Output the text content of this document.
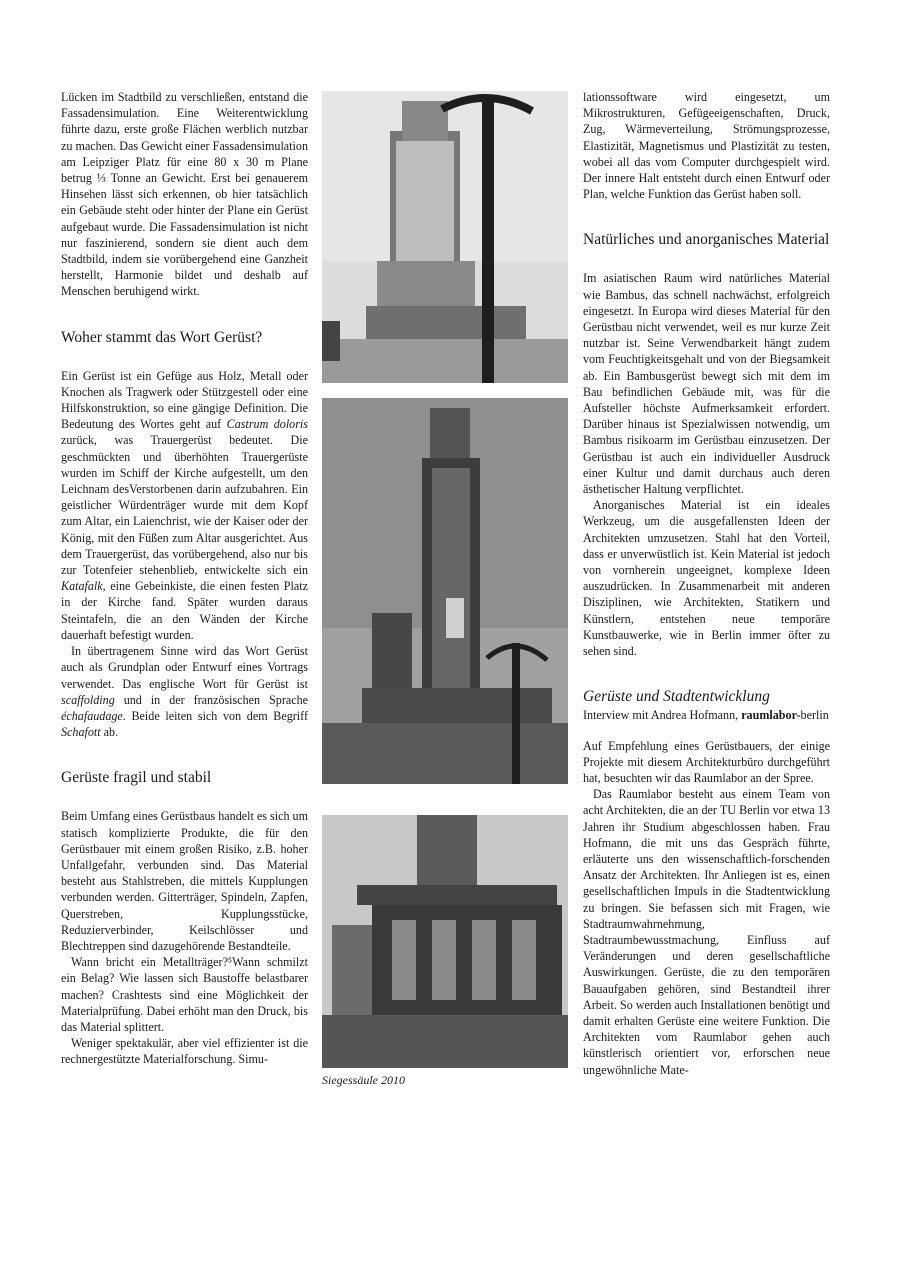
Lücken im Stadtbild zu verschließen, entstand die Fassadensimulation. Eine Weiterentwicklung führte dazu, erste große Flächen werblich nutzbar zu machen. Das Gewicht einer Fassadensimulation am Leipziger Platz für eine 80 x 30 m Plane betrug ⅓ Tonne an Gewicht. Erst bei genauerem Hinsehen lässt sich erkennen, ob hier tatsächlich ein Gebäude steht oder hinter der Plane ein Gerüst aufgebaut wurde. Die Fassadensimulation ist nicht nur faszinierend, sondern sie dient auch dem Stadtbild, indem sie vorübergehend eine Ganzheit herstellt, Harmonie bildet und deshalb auf Menschen beruhigend wirkt.

Woher stammt das Wort Gerüst?

Ein Gerüst ist ein Gefüge aus Holz, Metall oder Knochen als Tragwerk oder Stützgestell oder eine Hilfskonstruktion, so eine gängige Definition. Die Bedeutung des Wortes geht auf Castrum doloris zurück, was Trauergerüst bedeutet. Die geschmückten und überhöhten Trauergerüste wurden im Schiff der Kirche aufgestellt, um den Leichnam desVerstorbenen darin aufzubahren. Ein geistlicher Würdenträger wurde mit dem Kopf zum Altar, ein Laienchrist, wie der Kaiser oder der König, mit den Füßen zum Altar ausgerichtet. Aus dem Trauergerüst, das vorübergehend, also nur bis zur Totenfeier stehenblieb, entwickelte sich ein Katafalk, eine Gebeinkiste, die einen festen Platz in der Kirche fand. Später wurden daraus Steintafeln, die an den Wänden der Kirche dauerhaft befestigt wurden.

In übertragenem Sinne wird das Wort Gerüst auch als Grundplan oder Entwurf eines Vortrags verwendet. Das englische Wort für Gerüst ist scaffolding und in der französischen Sprache échafaudage. Beide leiten sich von dem Begriff Schafott ab.

Gerüste fragil und stabil

Beim Umfang eines Gerüstbaus handelt es sich um statisch komplizierte Produkte, die für den Gerüstbauer mit einem großen Risiko, z.B. hoher Unfallgefahr, verbunden sind. Das Material besteht aus Stahlstreben, die mittels Kupplungen verbunden werden. Gitterträger, Spindeln, Zapfen, Querstreben, Kupplungsstücke, Reduzierverbinder, Keilschlösser und Blechtreppen sind dazugehörende Bestandteile.

Wann bricht ein Metallträger?⁵Wann schmilzt ein Belag? Wie lassen sich Baustoffe belastbarer machen? Crashtests sind eine Möglichkeit der Materialprüfung. Dabei erhöht man den Druck, bis das Material splittert.

Weniger spektakulär, aber viel effizienter ist die rechnergestützte Materialforschung. Simu-

Siegessäule 2010

lationssoftware wird eingesetzt, um Mikrostrukturen, Gefügeeigenschaften, Druck, Zug, Wärmeverteilung, Strömungsprozesse, Elastizität, Magnetismus und Plastizität zu testen, wobei all das vom Computer durchgespielt wird. Der innere Halt entsteht durch einen Entwurf oder Plan, welche Funktion das Gerüst haben soll.

Natürliches und anorganisches Material

Im asiatischen Raum wird natürliches Material wie Bambus, das schnell nachwächst, erfolgreich eingesetzt. In Europa wird dieses Material für den Gerüstbau nicht verwendet, weil es nur kurze Zeit nutzbar ist. Seine Verwendbarkeit hängt zudem vom Feuchtigkeitsgehalt und von der Biegsamkeit ab. Ein Bambusgerüst bewegt sich mit dem im Bau befindlichen Gebäude mit, was für die Aufsteller höchste Aufmerksamkeit erfordert. Darüber hinaus ist Spezialwissen notwendig, um Bambus risikoarm im Gerüstbau einzusetzen. Der Gerüstbau ist auch ein individueller Ausdruck einer Kultur und damit durchaus auch deren ästhetischer Haltung verpflichtet.

Anorganisches Material ist ein ideales Werkzeug, um die ausgefallensten Ideen der Architekten umzusetzen. Stahl hat den Vorteil, dass er unverwüstlich ist. Kein Material ist jedoch von vornherein ungeeignet, komplexe Ideen auszudrücken. In Zusammenarbeit mit anderen Disziplinen, wie Architekten, Statikern und Künstlern, entstehen neue temporäre Kunstbauwerke, wie in Berlin immer öfter zu sehen sind.

Gerüste und Stadtentwicklung

Interview mit Andrea Hofmann, raumlabor-berlin

Auf Empfehlung eines Gerüstbauers, der einige Projekte mit diesem Architekturbüro durchgeführt hat, besuchten wir das Raumlabor an der Spree.

Das Raumlabor besteht aus einem Team von acht Architekten, die an der TU Berlin vor etwa 13 Jahren ihr Studium abgeschlossen haben. Frau Hofmann, die mit uns das Gespräch führte, erläuterte uns den wissenschaftlich-forschenden Ansatz der Architekten. Ihr Anliegen ist es, einen gesellschaftlichen Impuls in die Stadtentwicklung zu bringen. Sie befassen sich mit Fragen, wie Stadtraumwahrnehmung, Stadtraumbewusstmachung, Einfluss auf Veränderungen und deren gesellschaftliche Auswirkungen. Gerüste, die zu den temporären Bauaufgaben gehören, sind Bestandteil ihrer Arbeit. So werden auch Installationen benötigt und damit erhalten Gerüste eine weitere Funktion. Die Architekten vom Raumlabor gehen auch künstlerisch orientiert vor, erforschen neue ungewöhnliche Mate-
